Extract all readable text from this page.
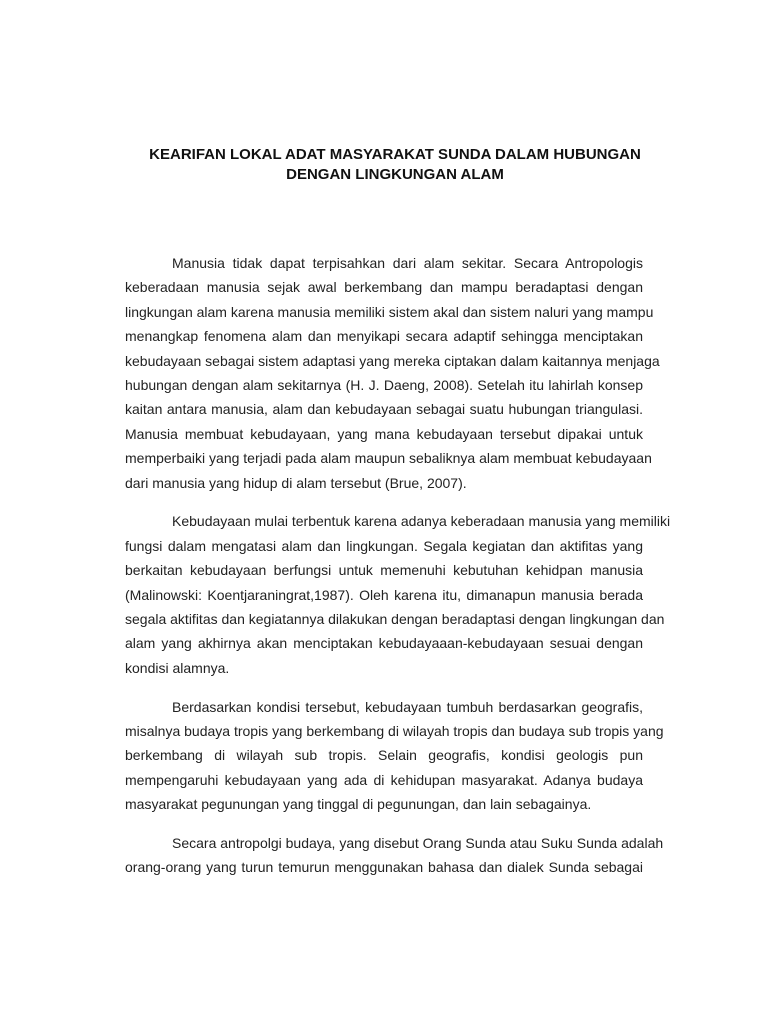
KEARIFAN LOKAL ADAT MASYARAKAT SUNDA DALAM HUBUNGAN
DENGAN LINGKUNGAN ALAM
Manusia tidak dapat terpisahkan dari alam sekitar. Secara Antropologis
keberadaan manusia sejak awal berkembang dan mampu beradaptasi dengan
lingkungan alam karena manusia memiliki sistem akal dan sistem naluri yang mampu
menangkap fenomena alam dan menyikapi secara adaptif sehingga menciptakan
kebudayaan sebagai sistem adaptasi yang mereka ciptakan dalam kaitannya menjaga
hubungan dengan alam sekitarnya (H. J. Daeng, 2008). Setelah itu lahirlah konsep
kaitan antara manusia, alam dan kebudayaan sebagai suatu hubungan triangulasi.
Manusia membuat kebudayaan, yang mana kebudayaan tersebut dipakai untuk
memperbaiki yang terjadi pada alam maupun sebaliknya alam membuat kebudayaan
dari manusia yang hidup di alam tersebut (Brue, 2007).
Kebudayaan mulai terbentuk karena adanya keberadaan manusia yang memiliki
fungsi dalam mengatasi alam dan lingkungan. Segala kegiatan dan aktifitas yang
berkaitan kebudayaan berfungsi untuk memenuhi kebutuhan kehidpan manusia
(Malinowski: Koentjaraningrat,1987). Oleh karena itu, dimanapun manusia berada
segala aktifitas dan kegiatannya dilakukan dengan beradaptasi dengan lingkungan dan
alam yang akhirnya akan menciptakan kebudayaaan-kebudayaan sesuai dengan
kondisi alamnya.
Berdasarkan kondisi tersebut, kebudayaan tumbuh berdasarkan geografis,
misalnya budaya tropis yang berkembang di wilayah tropis dan budaya sub tropis yang
berkembang di wilayah sub tropis. Selain geografis, kondisi geologis pun
mempengaruhi kebudayaan yang ada di kehidupan masyarakat. Adanya budaya
masyarakat pegunungan yang tinggal di pegunungan, dan lain sebagainya.
Secara antropolgi budaya, yang disebut Orang Sunda atau Suku Sunda adalah
orang-orang yang turun temurun menggunakan bahasa dan dialek Sunda sebagai
